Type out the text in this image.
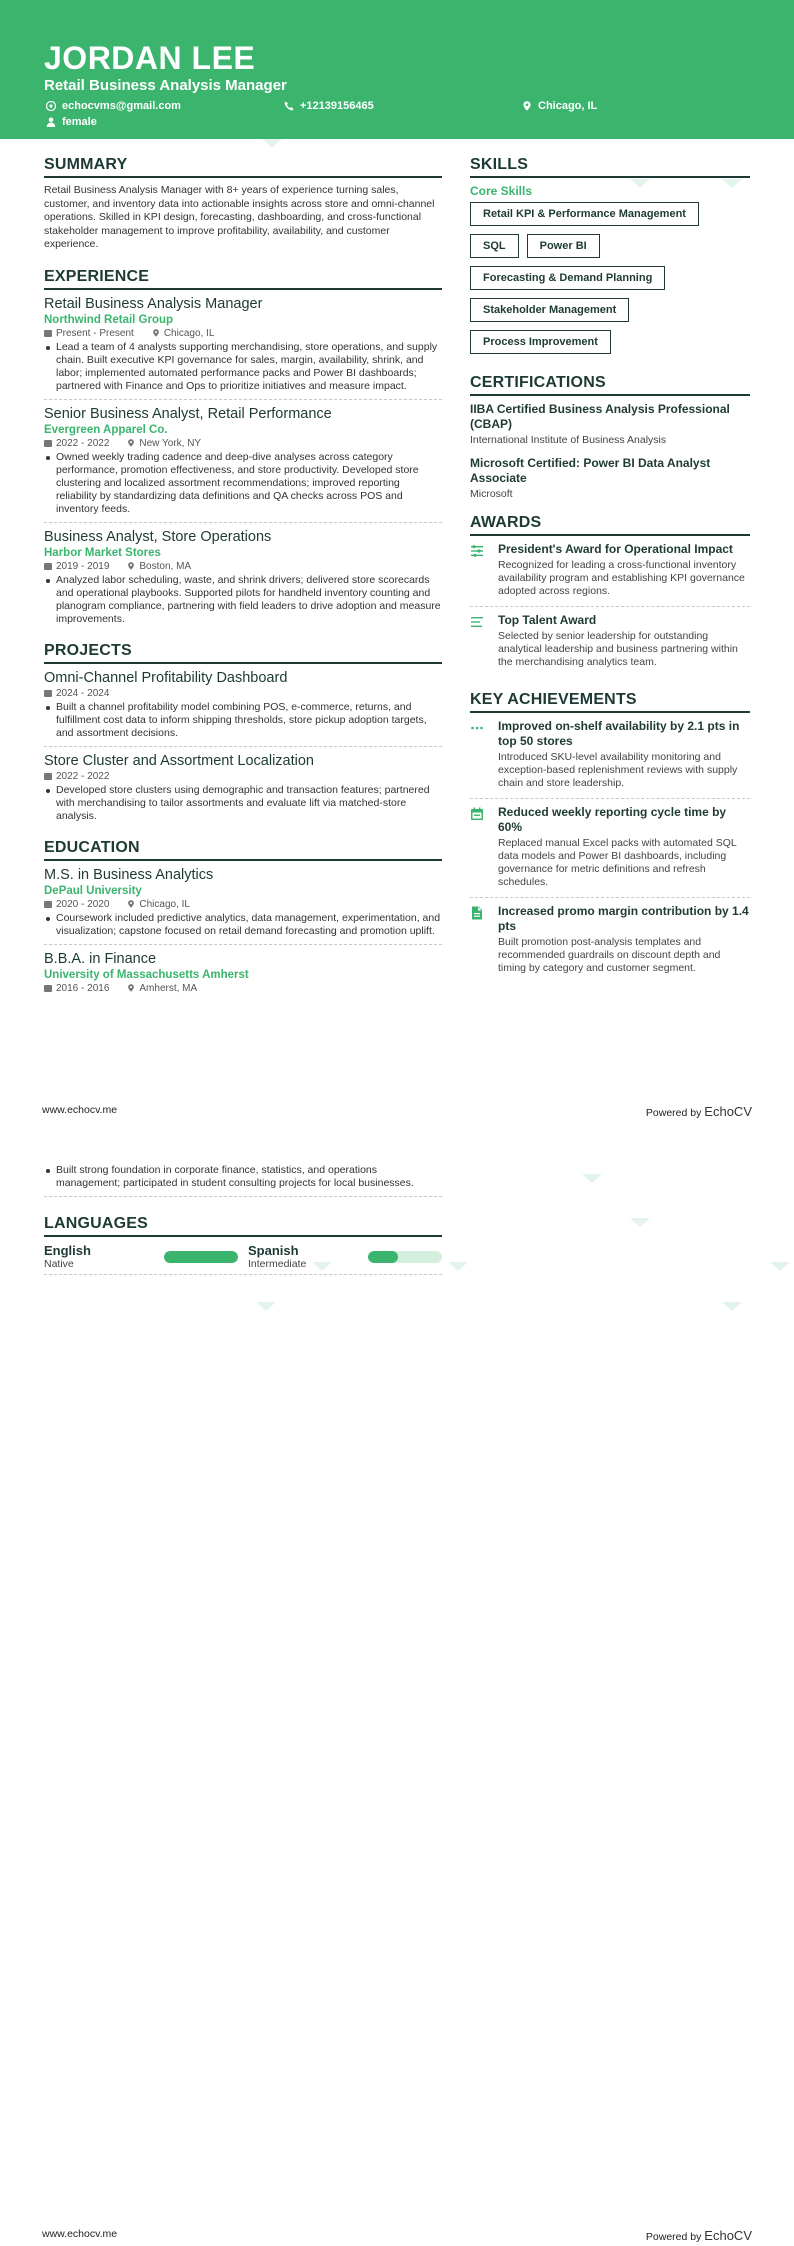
JORDAN LEE
Retail Business Analysis Manager
echocvms@gmail.com	+12139156465	Chicago, IL
female
SUMMARY

Retail Business Analysis Manager with 8+ years of experience turning sales, customer, and inventory data into actionable insights across store and omni-channel operations. Skilled in KPI design, forecasting, dashboarding, and cross-functional stakeholder management to improve profitability, availability, and customer experience.

EXPERIENCE
Retail Business Analysis Manager
Northwind Retail Group
Present - Present	Chicago, IL
Lead a team of 4 analysts supporting merchandising, store operations, and supply chain. Built executive KPI governance for sales, margin, availability, shrink, and labor; implemented automated performance packs and Power BI dashboards; partnered with Finance and Ops to prioritize initiatives and measure impact.
Senior Business Analyst, Retail Performance
Evergreen Apparel Co.
2022 - 2022	New York, NY
Owned weekly trading cadence and deep-dive analyses across category performance, promotion effectiveness, and store productivity. Developed store clustering and localized assortment recommendations; improved reporting reliability by standardizing data definitions and QA checks across POS and inventory feeds.
Business Analyst, Store Operations
Harbor Market Stores
2019 - 2019	Boston, MA
Analyzed labor scheduling, waste, and shrink drivers; delivered store scorecards and operational playbooks. Supported pilots for handheld inventory counting and planogram compliance, partnering with field leaders to drive adoption and measure improvements.
PROJECTS
Omni-Channel Profitability Dashboard
2024 - 2024
Built a channel profitability model combining POS, e-commerce, returns, and fulfillment cost data to inform shipping thresholds, store pickup adoption targets, and assortment decisions.
Store Cluster and Assortment Localization
2022 - 2022
Developed store clusters using demographic and transaction features; partnered with merchandising to tailor assortments and evaluate lift via matched-store analysis.
EDUCATION
M.S. in Business Analytics
DePaul University
2020 - 2020	Chicago, IL
Coursework included predictive analytics, data management, experimentation, and visualization; capstone focused on retail demand forecasting and promotion uplift.
B.B.A. in Finance
University of Massachusetts Amherst
2016 - 2016	Amherst, MA
SKILLS
Core Skills
Retail KPI & Performance Management
SQL	Power BI
Forecasting & Demand Planning
Stakeholder Management
Process Improvement
CERTIFICATIONS
IIBA Certified Business Analysis Professional (CBAP)
International Institute of Business Analysis
Microsoft Certified: Power BI Data Analyst Associate
Microsoft
AWARDS
President's Award for Operational Impact
Recognized for leading a cross-functional inventory availability program and establishing KPI governance adopted across regions.
Top Talent Award
Selected by senior leadership for outstanding analytical leadership and business partnering within the merchandising analytics team.
KEY ACHIEVEMENTS
Improved on-shelf availability by 2.1 pts in top 50 stores
Introduced SKU-level availability monitoring and exception-based replenishment reviews with supply chain and store leadership.
Reduced weekly reporting cycle time by 60%
Replaced manual Excel packs with automated SQL data models and Power BI dashboards, including governance for metric definitions and refresh schedules.
Increased promo margin contribution by 1.4 pts
Built promotion post-analysis templates and recommended guardrails on discount depth and timing by category and customer segment.
www.echocv.me	Powered by EchoCV
Built strong foundation in corporate finance, statistics, and operations management; participated in student consulting projects for local businesses.
LANGUAGES
English
Native
Spanish
Intermediate
www.echocv.me	Powered by EchoCV
